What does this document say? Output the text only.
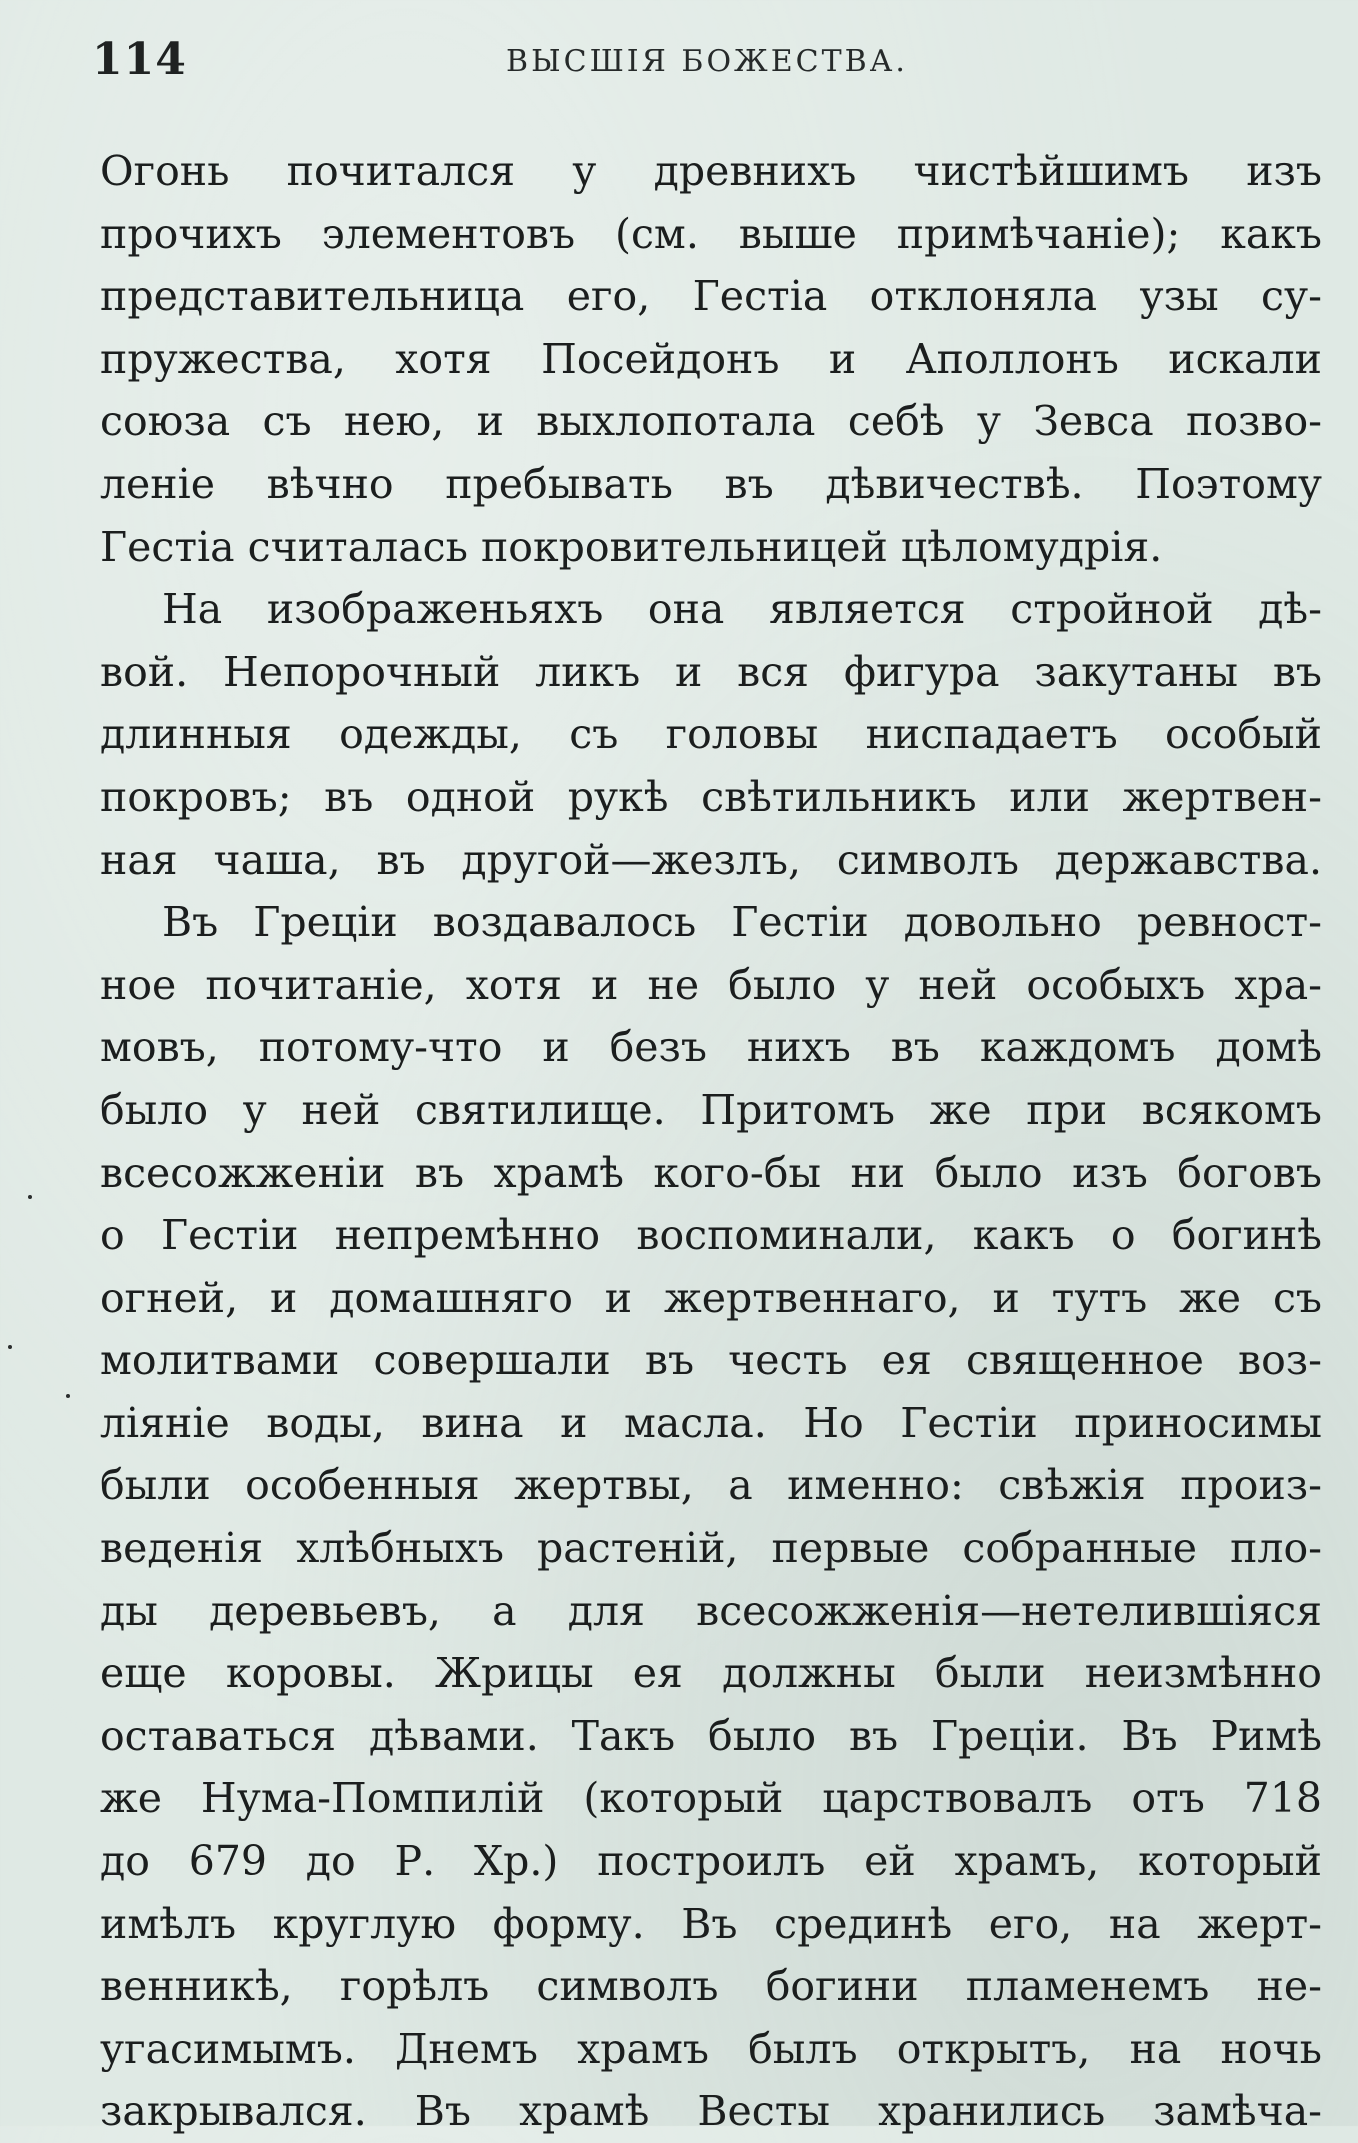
114	ВЫСШІЯ БОЖЕСТВА.
Огонь почитался у древнихъ чистѣйшимъ изъ
прочихъ элементовъ (см. выше примѣчаніе); какъ
представительница его, Гестіа отклоняла узы су-
пружества, хотя Посейдонъ и Аполлонъ искали
союза съ нею, и выхлопотала себѣ у Зевса позво-
леніе вѣчно пребывать въ дѣвичествѣ. Поэтому
Гестіа считалась покровительницей цѣломудрія.
На изображеньяхъ она является стройной дѣ-
вой. Непорочный ликъ и вся фигура закутаны въ
длинныя одежды, съ головы ниспадаетъ особый
покровъ; въ одной рукѣ свѣтильникъ или жертвен-
ная чаша, въ другой—жезлъ, символъ державства.
Въ Греціи воздавалось Гестіи довольно ревност-
ное почитаніе, хотя и не было у ней особыхъ хра-
мовъ, потому-что и безъ нихъ въ каждомъ домѣ
было у ней святилище. Притомъ же при всякомъ
всесожженіи въ храмѣ кого-бы ни было изъ боговъ
о Гестіи непремѣнно воспоминали, какъ о богинѣ
огней, и домашняго и жертвеннаго, и тутъ же съ
молитвами совершали въ честь ея священное воз-
ліяніе воды, вина и масла. Но Гестіи приносимы
были особенныя жертвы, а именно: свѣжія произ-
веденія хлѣбныхъ растеній, первые собранные пло-
ды деревьевъ, а для всесожженія—нетелившіяся
еще коровы. Жрицы ея должны были неизмѣнно
оставаться дѣвами. Такъ было въ Греціи. Въ Римѣ
же Нума-Помпилій (который царствовалъ отъ 718
до 679 до Р. Хр.) построилъ ей храмъ, который
имѣлъ круглую форму. Въ срединѣ его, на жерт-
венникѣ, горѣлъ символъ богини пламенемъ не-
угасимымъ. Днемъ храмъ былъ открытъ, на ночь
закрывался. Въ храмѣ Весты хранились замѣча-
